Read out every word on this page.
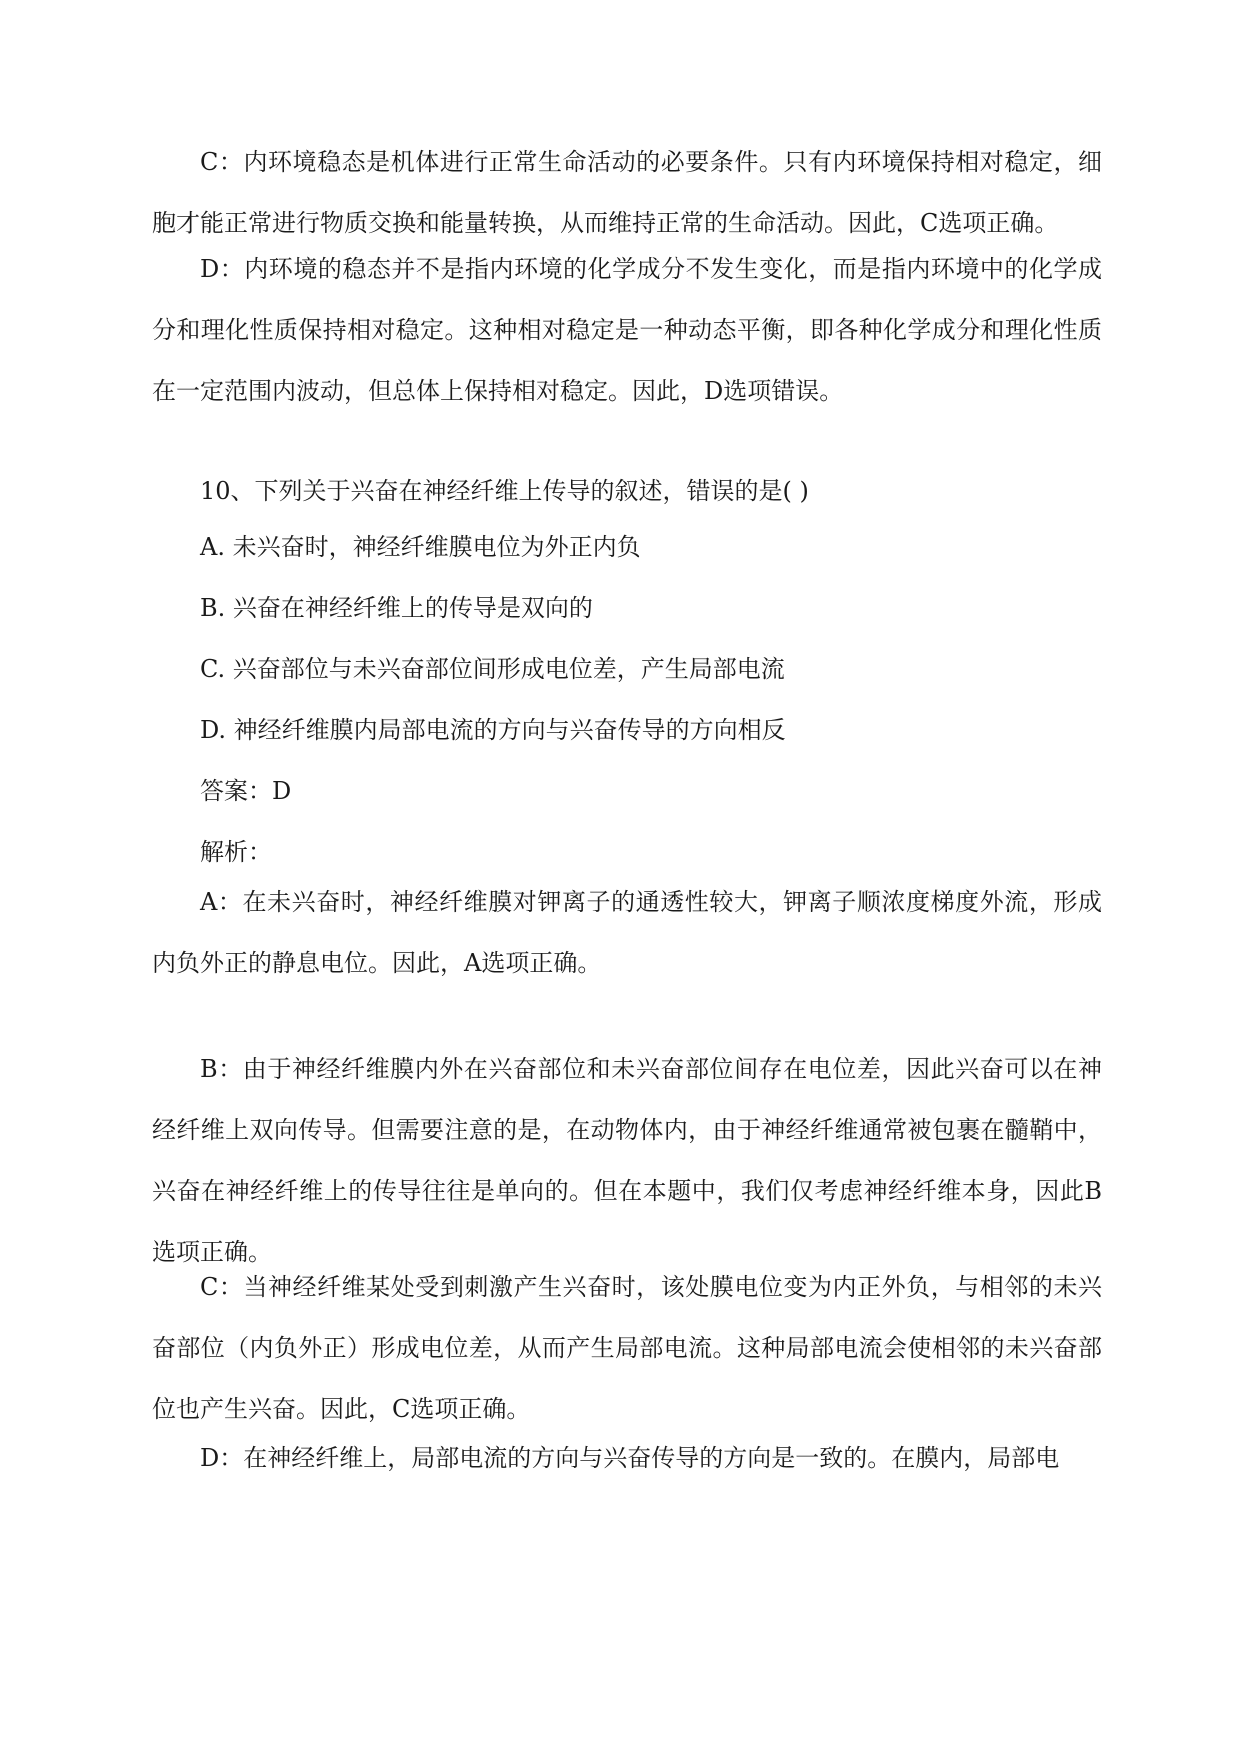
C：内环境稳态是机体进行正常生命活动的必要条件。只有内环境保持相对稳定，细胞才能正常进行物质交换和能量转换，从而维持正常的生命活动。因此，C选项正确。

D：内环境的稳态并不是指内环境的化学成分不发生变化，而是指内环境中的化学成分和理化性质保持相对稳定。这种相对稳定是一种动态平衡，即各种化学成分和理化性质在一定范围内波动，但总体上保持相对稳定。因此，D选项错误。

10、下列关于兴奋在神经纤维上传导的叙述，错误的是( )

A. 未兴奋时，神经纤维膜电位为外正内负

B. 兴奋在神经纤维上的传导是双向的

C. 兴奋部位与未兴奋部位间形成电位差，产生局部电流

D. 神经纤维膜内局部电流的方向与兴奋传导的方向相反

答案：D

解析：

A：在未兴奋时，神经纤维膜对钾离子的通透性较大，钾离子顺浓度梯度外流，形成内负外正的静息电位。因此，A选项正确。

B：由于神经纤维膜内外在兴奋部位和未兴奋部位间存在电位差，因此兴奋可以在神经纤维上双向传导。但需要注意的是，在动物体内，由于神经纤维通常被包裹在髓鞘中，兴奋在神经纤维上的传导往往是单向的。但在本题中，我们仅考虑神经纤维本身，因此B选项正确。

C：当神经纤维某处受到刺激产生兴奋时，该处膜电位变为内正外负，与相邻的未兴奋部位（内负外正）形成电位差，从而产生局部电流。这种局部电流会使相邻的未兴奋部位也产生兴奋。因此，C选项正确。

D：在神经纤维上，局部电流的方向与兴奋传导的方向是一致的。在膜内，局部电
